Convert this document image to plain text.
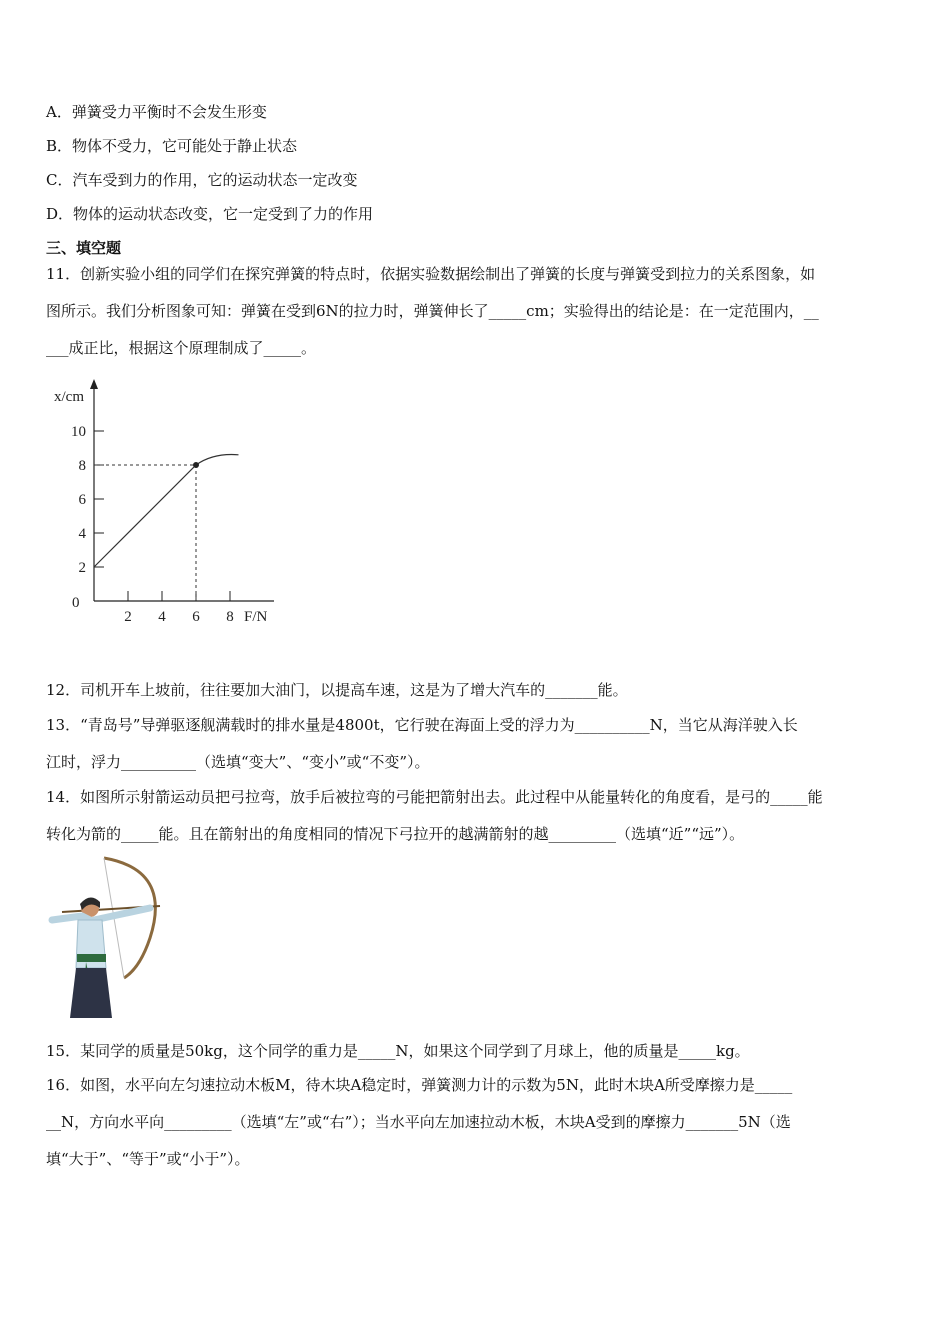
A．弹簧受力平衡时不会发生形变
B．物体不受力，它可能处于静止状态
C．汽车受到力的作用，它的运动状态一定改变
D．物体的运动状态改变，它一定受到了力的作用
三、填空题
11．创新实验小组的同学们在探究弹簧的特点时，依据实验数据绘制出了弹簧的长度与弹簧受到拉力的关系图象，如
图所示。我们分析图象可知：弹簧在受到6N的拉力时，弹簧伸长了_____cm；实验得出的结论是：在一定范围内，__
___成正比，根据这个原理制成了_____。
x/cm
F/N
0
2 4 6 8
2
4
6
8
10
12．司机开车上坡前，往往要加大油门，以提高车速，这是为了增大汽车的_______能。
13．“青岛号”导弹驱逐舰满载时的排水量是4800t，它行驶在海面上受的浮力为__________N，当它从海洋驶入长
江时，浮力__________（选填“变大”、“变小”或“不变”）。
14．如图所示射箭运动员把弓拉弯，放手后被拉弯的弓能把箭射出去。此过程中从能量转化的角度看，是弓的_____能
转化为箭的_____能。且在箭射出的角度相同的情况下弓拉开的越满箭射的越_________（选填“近”“远”）。
15．某同学的质量是50kg，这个同学的重力是_____N，如果这个同学到了月球上，他的质量是_____kg。
16．如图，水平向左匀速拉动木板M，待木块A稳定时，弹簧测力计的示数为5N，此时木块A所受摩擦力是_____
__N，方向水平向_________（选填“左”或“右”）；当水平向左加速拉动木板，木块A受到的摩擦力_______5N（选
填“大于”、“等于”或“小于”）。
